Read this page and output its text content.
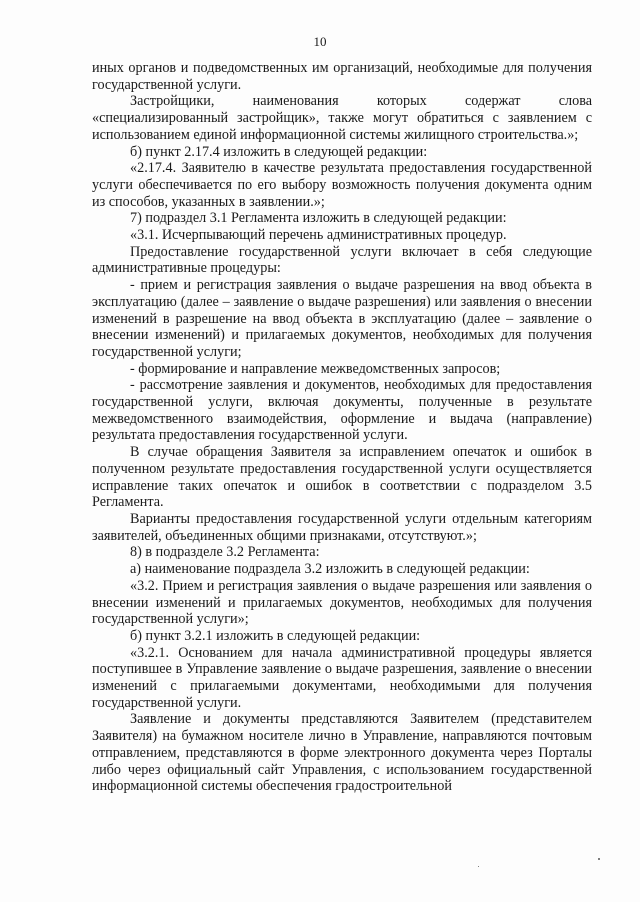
10

иных органов и подведомственных им организаций, необходимые для получения государственной услуги.

Застройщики, наименования которых содержат слова «специализированный застройщик», также могут обратиться с заявлением с использованием единой информационной системы жилищного строительства.»;

б) пункт 2.17.4 изложить в следующей редакции:

«2.17.4. Заявителю в качестве результата предоставления государственной услуги обеспечивается по его выбору возможность получения документа одним из способов, указанных в заявлении.»;

7) подраздел 3.1 Регламента изложить в следующей редакции:

«3.1. Исчерпывающий перечень административных процедур.

Предоставление государственной услуги включает в себя следующие административные процедуры:

- прием и регистрация заявления о выдаче разрешения на ввод объекта в эксплуатацию (далее – заявление о выдаче разрешения) или заявления о внесении изменений в разрешение на ввод объекта в эксплуатацию (далее – заявление о внесении изменений) и прилагаемых документов, необходимых для получения государственной услуги;

- формирование и направление межведомственных запросов;

- рассмотрение заявления и документов, необходимых для предоставления государственной услуги, включая документы, полученные в результате межведомственного взаимодействия, оформление и выдача (направление) результата предоставления государственной услуги.

В случае обращения Заявителя за исправлением опечаток и ошибок в полученном результате предоставления государственной услуги осуществляется исправление таких опечаток и ошибок в соответствии с подразделом 3.5 Регламента.

Варианты предоставления государственной услуги отдельным категориям заявителей, объединенных общими признаками, отсутствуют.»;

8) в подразделе 3.2 Регламента:

а) наименование подраздела 3.2 изложить в следующей редакции:

«3.2. Прием и регистрация заявления о выдаче разрешения или заявления о внесении изменений и прилагаемых документов, необходимых для получения государственной услуги»;

б) пункт 3.2.1 изложить в следующей редакции:

«3.2.1. Основанием для начала административной процедуры является поступившее в Управление заявление о выдаче разрешения, заявление о внесении изменений с прилагаемыми документами, необходимыми для получения государственной услуги.

Заявление и документы представляются Заявителем (представителем Заявителя) на бумажном носителе лично в Управление, направляются почтовым отправлением, представляются в форме электронного документа через Порталы либо через официальный сайт Управления, с использованием государственной информационной системы обеспечения градостроительной
